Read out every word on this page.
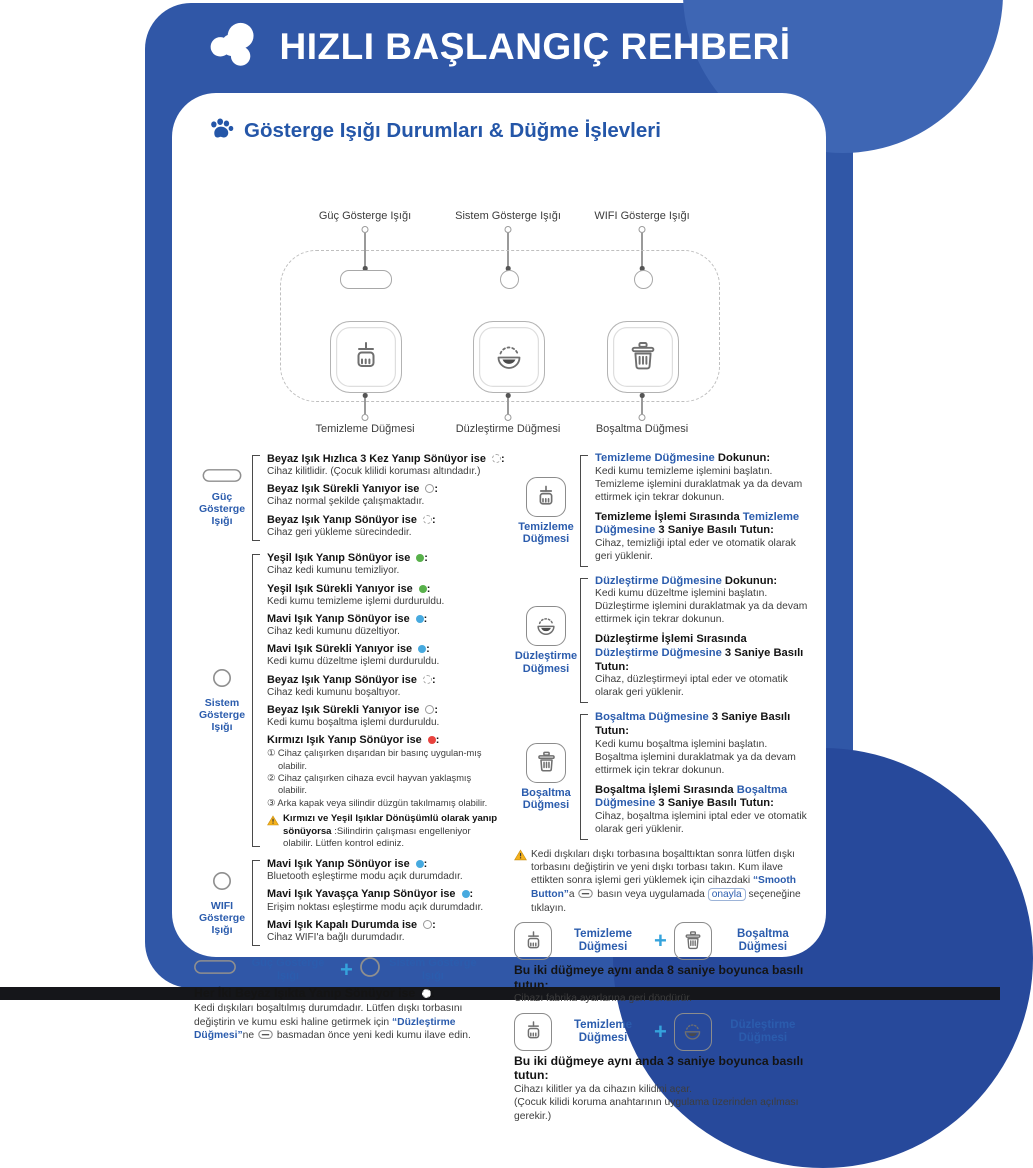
HIZLI BAŞLANGIÇ REHBERİ
Gösterge Işığı Durumları & Düğme İşlevleri
Güç Gösterge Işığı	Sistem Gösterge Işığı	WIFI Gösterge Işığı
Temizleme Düğmesi	Düzleştirme Düğmesi	Boşaltma Düğmesi
Güç Gösterge Işığı
Beyaz Işık Hızlıca 3 Kez Yanıp Sönüyor ise :
Cihaz kilitlidir. (Çocuk klilidi koruması altındadır.)
Beyaz Işık Sürekli Yanıyor ise :
Cihaz normal şekilde çalışmaktadır.
Beyaz Işık Yanıp Sönüyor ise :
Cihaz geri yükleme sürecindedir.
Sistem Gösterge Işığı
Yeşil Işık Yanıp Sönüyor ise :
Cihaz kedi kumunu temizliyor.
Yeşil Işık Sürekli Yanıyor ise :
Kedi kumu temizleme işlemi durduruldu.
Mavi Işık Yanıp Sönüyor ise :
Cihaz kedi kumunu düzeltiyor.
Mavi Işık Sürekli Yanıyor ise :
Kedi kumu düzeltme işlemi durduruldu.
Beyaz Işık Yanıp Sönüyor ise :
Cihaz kedi kumunu boşaltıyor.
Beyaz Işık Sürekli Yanıyor ise :
Kedi kumu boşaltma işlemi durduruldu.
Kırmızı Işık Yanıp Sönüyor ise :
① Cihaz çalışırken dışarıdan bir basınç uygulan-mış olabilir.
② Cihaz çalışırken cihaza evcil hayvan yaklaşmış olabilir.
③ Arka kapak veya silindir düzgün takılmamış olabilir.
Kırmızı ve Yeşil Işıklar Dönüşümlü olarak yanıp sönüyorsa :Silindirin çalışması engelleniyor olabilir. Lütfen kontrol ediniz.
WIFI Gösterge Işığı
Mavi Işık Yanıp Sönüyor ise :
Bluetooth eşleştirme modu açık durumdadır.
Mavi Işık Yavaşça Yanıp Sönüyor ise :
Erişim noktası eşleştirme modu açık durumdadır.
Mavi Işık Kapalı Durumda ise :
Cihaz WIFI'a bağlı durumdadır.
Güç Gösterge Işığı	+	Sistem Gösterge Işığı
Her İki Beyaz Işıkta Yanıp Sönüyor ise :
Kedi dışkıları boşaltılmış durumdadır. Lütfen dışkı torbasını değiştirin ve kumu eski haline getirmek için “Düzleştirme Düğmesi”ne  basmadan önce yeni kedi kumu ilave edin.
Temizleme Düğmesi
Temizleme Düğmesine Dokunun:
Kedi kumu temizleme işlemini başlatın. Temizleme işlemini duraklatmak ya da devam ettirmek için tekrar dokunun.
Temizleme İşlemi Sırasında Temizleme Düğmesine 3 Saniye Basılı Tutun:
Cihaz, temizliği iptal eder ve otomatik olarak geri yüklenir.
Düzleştirme Düğmesi
Düzleştirme Düğmesine Dokunun:
Kedi kumu düzeltme işlemini başlatın. Düzleştirme işlemini duraklatmak ya da devam ettirmek için tekrar dokunun.
Düzleştirme İşlemi Sırasında Düzleştirme Düğmesine 3 Saniye Basılı Tutun:
Cihaz, düzleştirmeyi iptal eder ve otomatik olarak geri yüklenir.
Boşaltma Düğmesi
Boşaltma Düğmesine 3 Saniye Basılı Tutun:
Kedi kumu boşaltma işlemini başlatın. Boşaltma işlemini duraklatmak ya da devam ettirmek için tekrar dokunun.
Boşaltma İşlemi Sırasında Boşaltma Düğmesine 3 Saniye Basılı Tutun:
Cihaz, boşaltma işlemini iptal eder ve otomatik olarak geri yüklenir.
Kedi dışkıları dışkı torbasına boşalttıktan sonra lütfen dışkı torbasını değiştirin ve yeni dışkı torbası takın. Kum ilave ettikten sonra işlemi geri yüklemek için cihazdaki “Smooth Button”a  basın veya uygulamada onayla seçeneğine tıklayın.
Temizleme Düğmesi	+	Boşaltma Düğmesi
Bu iki düğmeye aynı anda 8 saniye boyunca basılı tutun:
Cihazı fabrika ayarlarına geri döndürür.
Temizleme Düğmesi	+	Düzleştirme Düğmesi
Bu iki düğmeye aynı anda 3 saniye boyunca basılı tutun:
Cihazı kilitler ya da cihazın kilidini açar.
(Çocuk kilidi koruma anahtarının uygulama üzerinden açılması gerekir.)
